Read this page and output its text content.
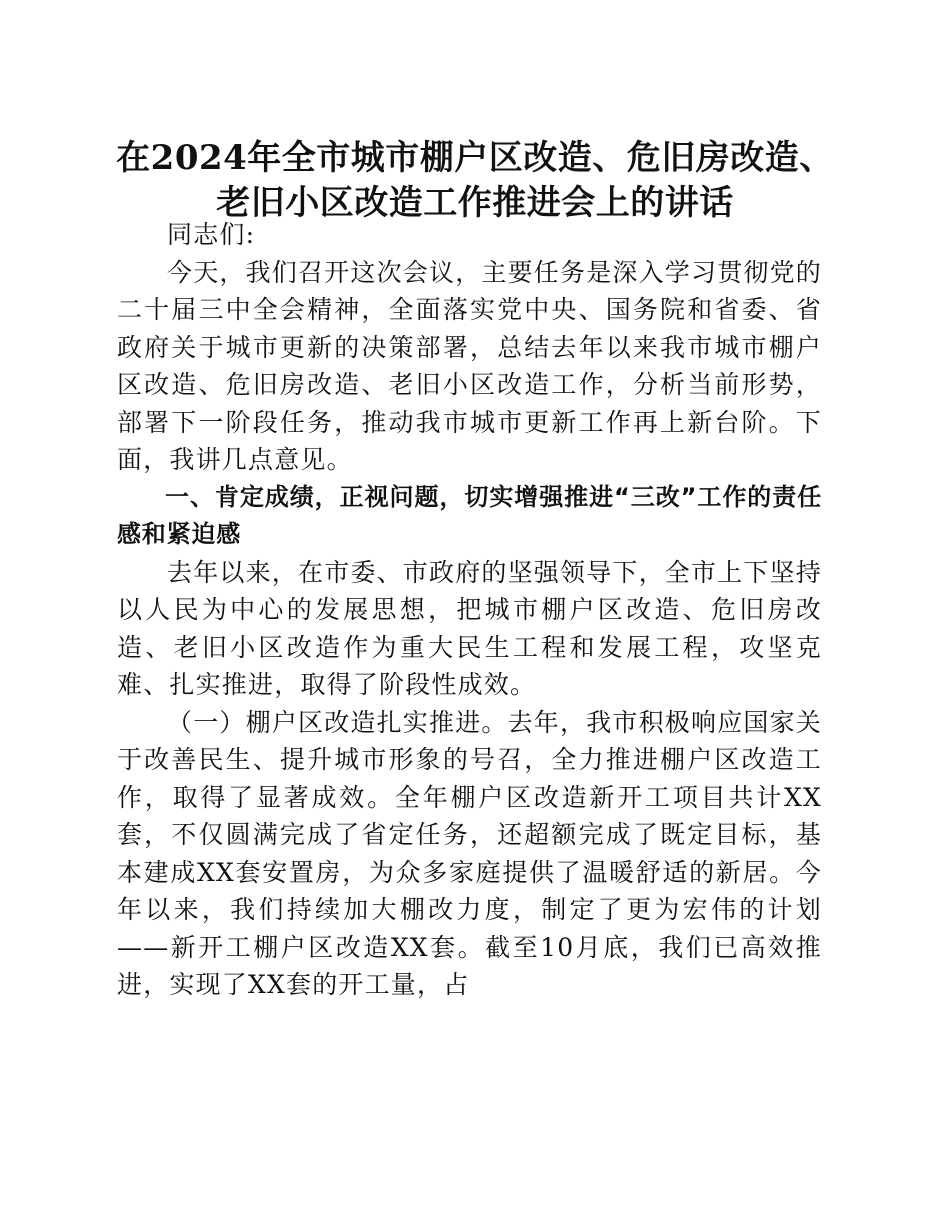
在2024年全市城市棚户区改造、危旧房改造、
老旧小区改造工作推进会上的讲话

同志们:

今天，我们召开这次会议，主要任务是深入学习贯彻党的二十届三中全会精神，全面落实党中央、国务院和省委、省政府关于城市更新的决策部署，总结去年以来我市城市棚户区改造、危旧房改造、老旧小区改造工作，分析当前形势，部署下一阶段任务，推动我市城市更新工作再上新台阶。下面，我讲几点意见。

一、肯定成绩，正视问题，切实增强推进“三改”工作的责任感和紧迫感

去年以来，在市委、市政府的坚强领导下，全市上下坚持以人民为中心的发展思想，把城市棚户区改造、危旧房改造、老旧小区改造作为重大民生工程和发展工程，攻坚克难、扎实推进，取得了阶段性成效。

（一）棚户区改造扎实推进。去年，我市积极响应国家关于改善民生、提升城市形象的号召，全力推进棚户区改造工作，取得了显著成效。全年棚户区改造新开工项目共计XX套，不仅圆满完成了省定任务，还超额完成了既定目标，基本建成XX套安置房，为众多家庭提供了温暖舒适的新居。今年以来，我们持续加大棚改力度，制定了更为宏伟的计划——新开工棚户区改造XX套。截至10月底，我们已高效推进，实现了XX套的开工量，占
